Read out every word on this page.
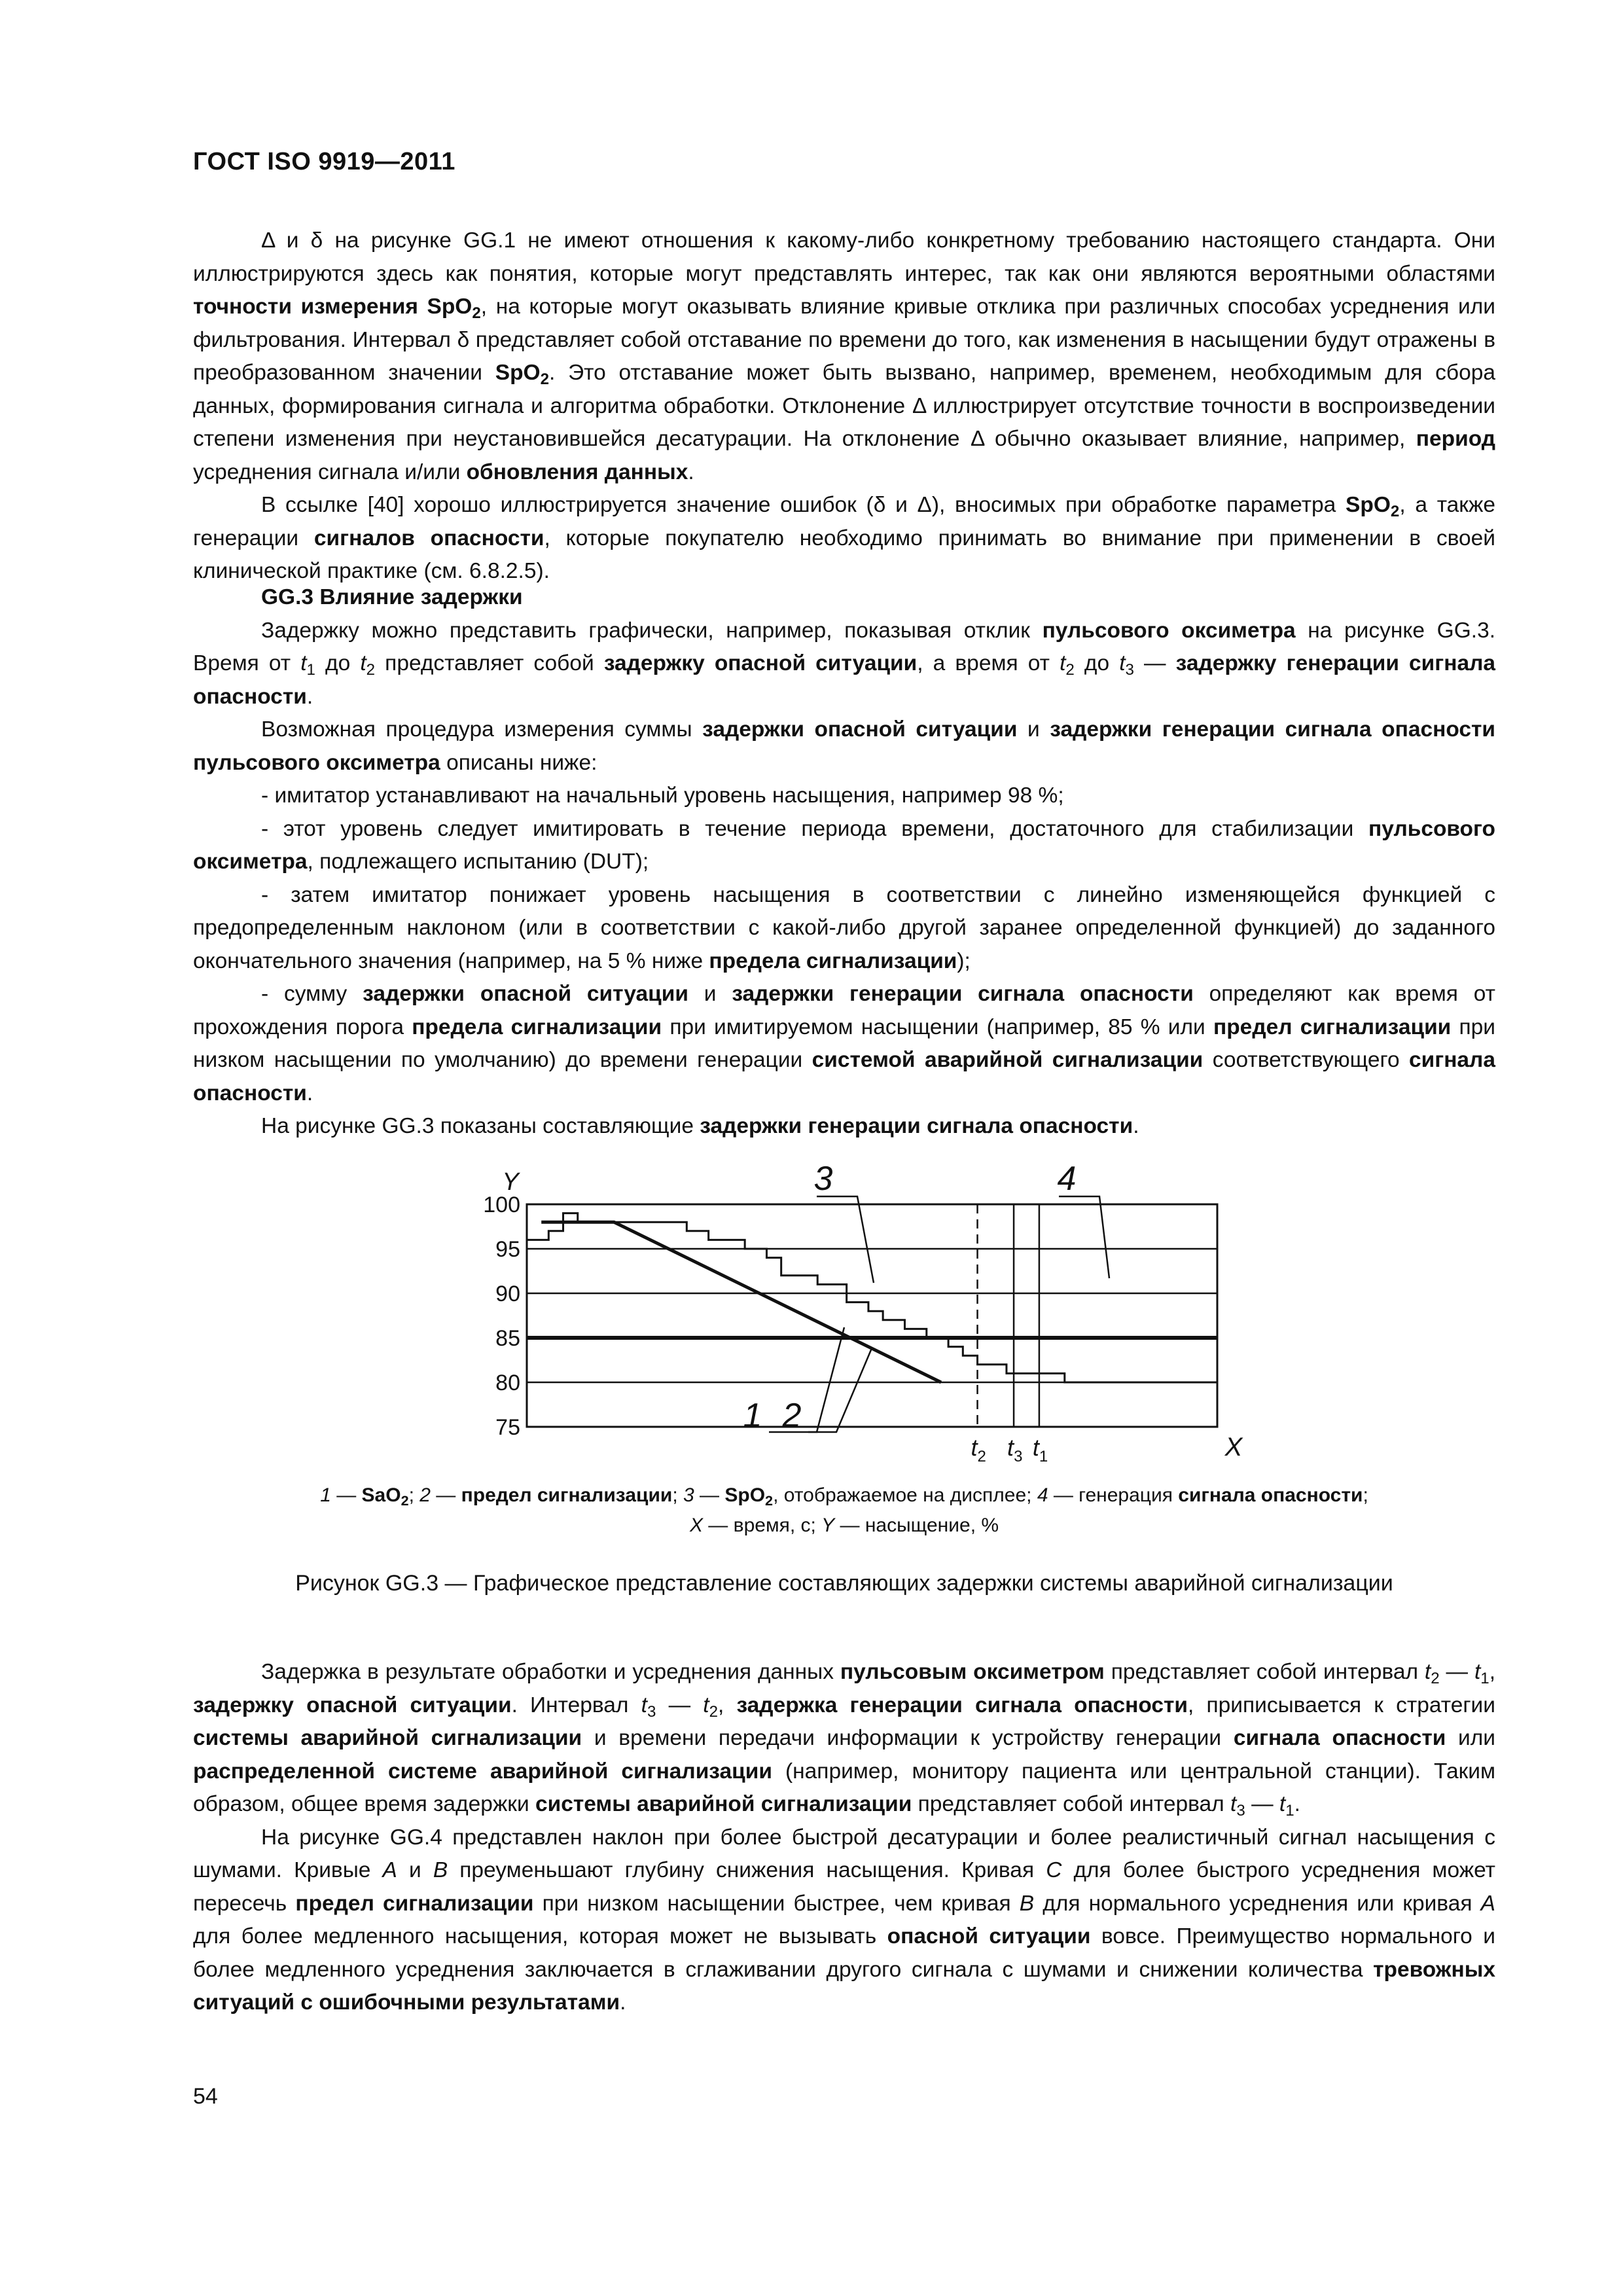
ГОСТ ISO 9919—2011

Δ и δ на рисунке GG.1 не имеют отношения к какому-либо конкретному требованию настоящего стандарта. Они иллюстрируются здесь как понятия, которые могут представлять интерес, так как они являются вероятными областями точности измерения SpO$_2$, на которые могут оказывать влияние кривые отклика при различных способах усреднения или фильтрования. Интервал δ представляет собой отставание по времени до того, как изменения в насыщении будут отражены в преобразованном значении SpO$_2$. Это отставание может быть вызвано, например, временем, необходимым для сбора данных, формирования сигнала и алгоритма обработки. Отклонение Δ иллюстрирует отсутствие точности в воспроизведении степени изменения при неустановившейся десатурации. На отклонение Δ обычно оказывает влияние, например, период усреднения сигнала и/или обновления данных.

В ссылке [40] хорошо иллюстрируется значение ошибок (δ и Δ), вносимых при обработке параметра SpO$_2$, а также генерации сигналов опасности, которые покупателю необходимо принимать во внимание при применении в своей клинической практике (см. 6.8.2.5).

GG.3 Влияние задержки

Задержку можно представить графически, например, показывая отклик пульсового оксиметра на рисунке GG.3. Время от $t_1$ до $t_2$ представляет собой задержку опасной ситуации, а время от $t_2$ до $t_3$ — задержку генерации сигнала опасности.

Возможная процедура измерения суммы задержки опасной ситуации и задержки генерации сигнала опасности пульсового оксиметра описаны ниже:

- имитатор устанавливают на начальный уровень насыщения, например 98 %;

- этот уровень следует имитировать в течение периода времени, достаточного для стабилизации пульсового оксиметра, подлежащего испытанию (DUT);

- затем имитатор понижает уровень насыщения в соответствии с линейно изменяющейся функцией с предопределенным наклоном (или в соответствии с какой-либо другой заранее определенной функцией) до заданного окончательного значения (например, на 5 % ниже предела сигнализации);

- сумму задержки опасной ситуации и задержки генерации сигнала опасности определяют как время от прохождения порога предела сигнализации при имитируемом насыщении (например, 85 % или предел сигнализации при низком насыщении по умолчанию) до времени генерации системой аварийной сигнализации соответствующего сигнала опасности.

На рисунке GG.3 показаны составляющие задержки генерации сигнала опасности.

100
95
90
85
80
75
$t_1$
$t_2$ $t_3$
Y
X
1 2
3	4
1 — SaO$_2$; 2 — предел сигнализации; 3 — SpO$_2$, отображаемое на дисплее; 4 — генерация сигнала опасности;
X — время, с; Y — насыщение, %
Рисунок GG.3 — Графическое представление составляющих задержки системы аварийной сигнализации

Задержка в результате обработки и усреднения данных пульсовым оксиметром представляет собой интервал $t_2$ — $t_1$, задержку опасной ситуации. Интервал $t_3$ — $t_2$, задержка генерации сигнала опасности, приписывается к стратегии системы аварийной сигнализации и времени передачи информации к устройству генерации сигнала опасности или распределенной системе аварийной сигнализации (например, монитору пациента или центральной станции). Таким образом, общее время задержки системы аварийной сигнализации представляет собой интервал $t_3$ — $t_1$.

На рисунке GG.4 представлен наклон при более быстрой десатурации и более реалистичный сигнал насыщения с шумами. Кривые A и B преуменьшают глубину снижения насыщения. Кривая C для более быстрого усреднения может пересечь предел сигнализации при низком насыщении быстрее, чем кривая B для нормального усреднения или кривая A для более медленного насыщения, которая может не вызывать опасной ситуации вовсе. Преимущество нормального и более медленного усреднения заключается в сглаживании другого сигнала с шумами и снижении количества тревожных ситуаций с ошибочными результатами.

54
